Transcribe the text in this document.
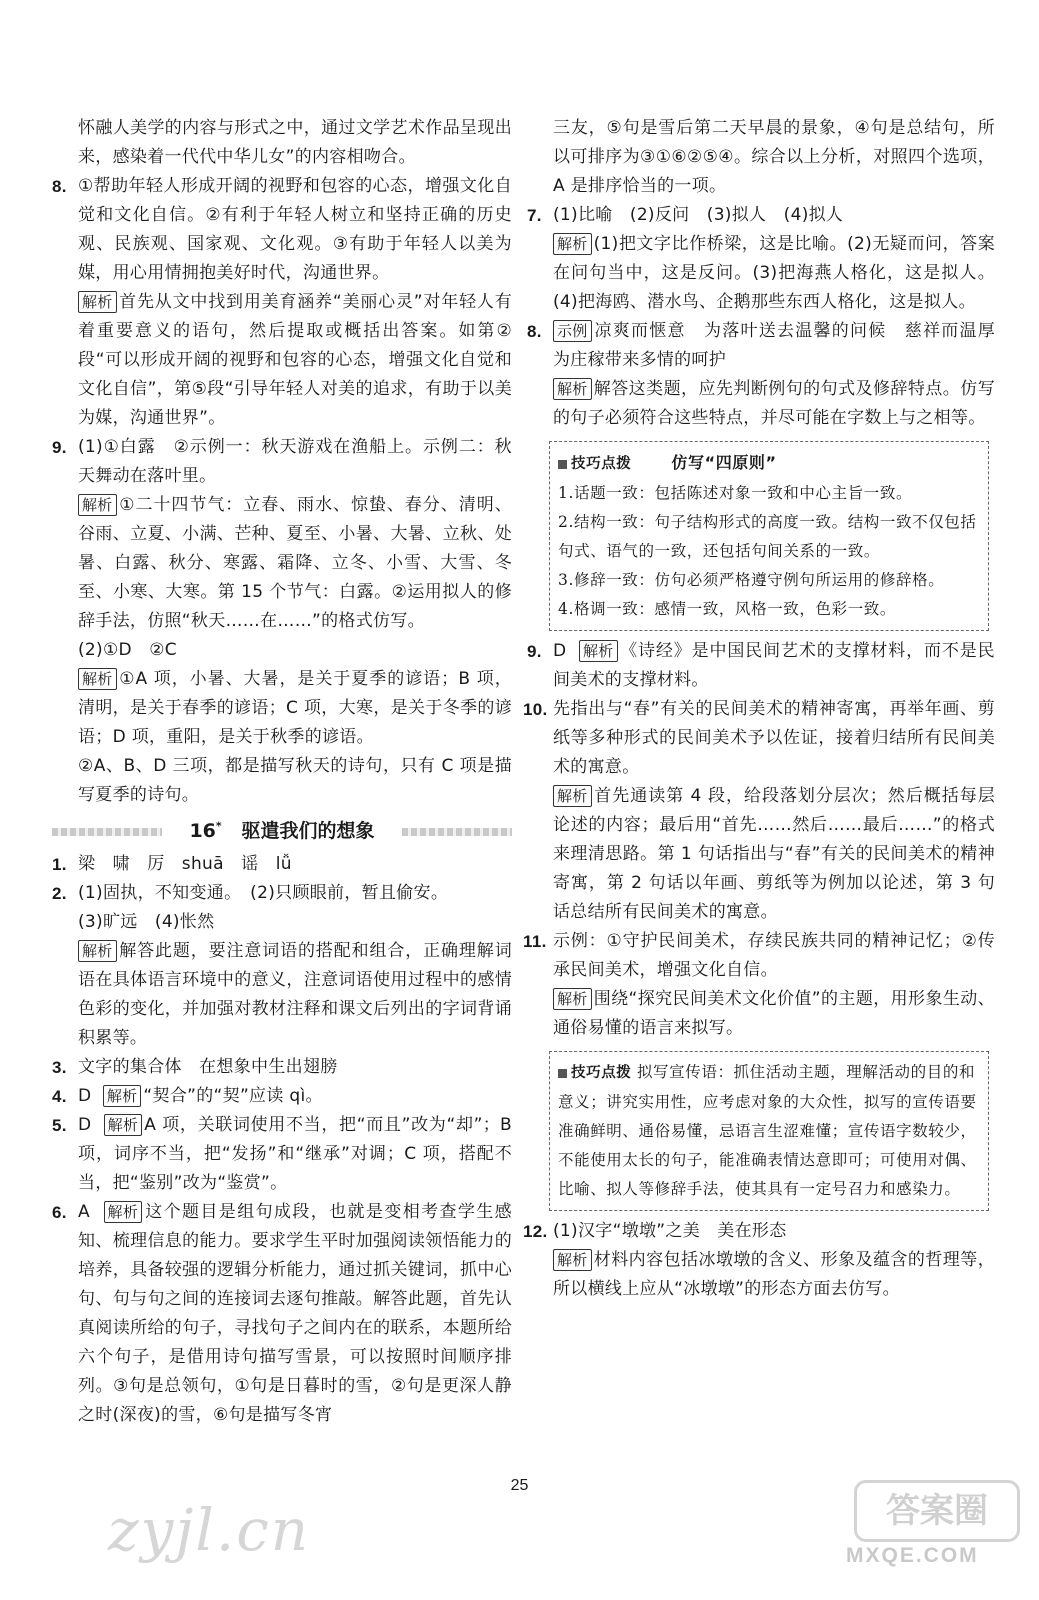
怀融人美学的内容与形式之中，通过文学艺术作品呈现出来，感染着一代代中华儿女”的内容相吻合。

8. ①帮助年轻人形成开阔的视野和包容的心态，增强文化自觉和文化自信。②有利于年轻人树立和坚持正确的历史观、民族观、国家观、文化观。③有助于年轻人以美为媒，用心用情拥抱美好时代，沟通世界。

解析 首先从文中找到用美育涵养“美丽心灵”对年轻人有着重要意义的语句，然后提取或概括出答案。如第②段“可以形成开阔的视野和包容的心态，增强文化自觉和文化自信”，第⑤段“引导年轻人对美的追求，有助于以美为媒，沟通世界”。

9. (1)①白露　②示例一：秋天游戏在渔船上。示例二：秋天舞动在落叶里。

解析 ①二十四节气：立春、雨水、惊蛰、春分、清明、谷雨、立夏、小满、芒种、夏至、小暑、大暑、立秋、处暑、白露、秋分、寒露、霜降、立冬、小雪、大雪、冬至、小寒、大寒。第 15 个节气：白露。②运用拟人的修辞手法，仿照“秋天……在……”的格式仿写。

(2)①D　②C

解析 ①A 项，小暑、大暑，是关于夏季的谚语；B 项，清明，是关于春季的谚语；C 项，大寒，是关于冬季的谚语；D 项，重阳，是关于秋季的谚语。

②A、B、D 三项，都是描写秋天的诗句，只有 C 项是描写夏季的诗句。

16* 驱遣我们的想象

1. 梁　啸　厉　shuā　谣　lǚ

2. (1)固执，不知变通。　(2)只顾眼前，暂且偷安。

(3)旷远　(4)怅然

解析 解答此题，要注意词语的搭配和组合，正确理解词语在具体语言环境中的意义，注意词语使用过程中的感情色彩的变化，并加强对教材注释和课文后列出的字词背诵积累等。

3. 文字的集合体　在想象中生出翅膀

4. D 解析 “契合”的“契”应读 qì。

5. D 解析 A 项，关联词使用不当，把“而且”改为“却”；B 项，词序不当，把“发扬”和“继承”对调；C 项，搭配不当，把“鉴别”改为“鉴赏”。

6. A 解析 这个题目是组句成段，也就是变相考查学生感知、梳理信息的能力。要求学生平时加强阅读领悟能力的培养，具备较强的逻辑分析能力，通过抓关键词，抓中心句、句与句之间的连接词去逐句推敲。解答此题，首先认真阅读所给的句子，寻找句子之间内在的联系，本题所给六个句子，是借用诗句描写雪景，可以按照时间顺序排列。③句是总领句，①句是日暮时的雪，②句是更深人静之时(深夜)的雪，⑥句是描写冬宵

三友，⑤句是雪后第二天早晨的景象，④句是总结句，所以可排序为③①⑥②⑤④。综合以上分析，对照四个选项，A 是排序恰当的一项。

7. (1)比喻　(2)反问　(3)拟人　(4)拟人

解析 (1)把文字比作桥梁，这是比喻。(2)无疑而问，答案在问句当中，这是反问。(3)把海燕人格化，这是拟人。(4)把海鸥、潜水鸟、企鹅那些东西人格化，这是拟人。

8. 示例 凉爽而惬意　为落叶送去温馨的问候　慈祥而温厚　为庄稼带来多情的呵护

解析 解答这类题，应先判断例句的句式及修辞特点。仿写的句子必须符合这些特点，并尽可能在字数上与之相等。

技巧点拨	仿写“四原则”
1.话题一致：包括陈述对象一致和中心主旨一致。
2.结构一致：句子结构形式的高度一致。结构一致不仅包括句式、语气的一致，还包括句间关系的一致。
3.修辞一致：仿句必须严格遵守例句所运用的修辞格。
4.格调一致：感情一致，风格一致，色彩一致。

9. D 解析 《诗经》是中国民间艺术的支撑材料，而不是民间美术的支撑材料。

10. 先指出与“春”有关的民间美术的精神寄寓，再举年画、剪纸等多种形式的民间美术予以佐证，接着归结所有民间美术的寓意。

解析 首先通读第 4 段，给段落划分层次；然后概括每层论述的内容；最后用“首先……然后……最后……”的格式来理清思路。第 1 句话指出与“春”有关的民间美术的精神寄寓，第 2 句话以年画、剪纸等为例加以论述，第 3 句话总结所有民间美术的寓意。

11. 示例：①守护民间美术，存续民族共同的精神记忆；②传承民间美术，增强文化自信。

解析 围绕“探究民间美术文化价值”的主题，用形象生动、通俗易懂的语言来拟写。

技巧点拨 拟写宣传语：抓住活动主题，理解活动的目的和意义；讲究实用性，应考虑对象的大众性，拟写的宣传语要准确鲜明、通俗易懂，忌语言生涩难懂；宣传语字数较少，不能使用太长的句子，能准确表情达意即可；可使用对偶、比喻、拟人等修辞手法，使其具有一定号召力和感染力。

12. (1)汉字“墩墩”之美　美在形态

解析 材料内容包括冰墩墩的含义、形象及蕴含的哲理等，所以横线上应从“冰墩墩”的形态方面去仿写。

25
zyjl.cn	答案圈
MXQE.COM
